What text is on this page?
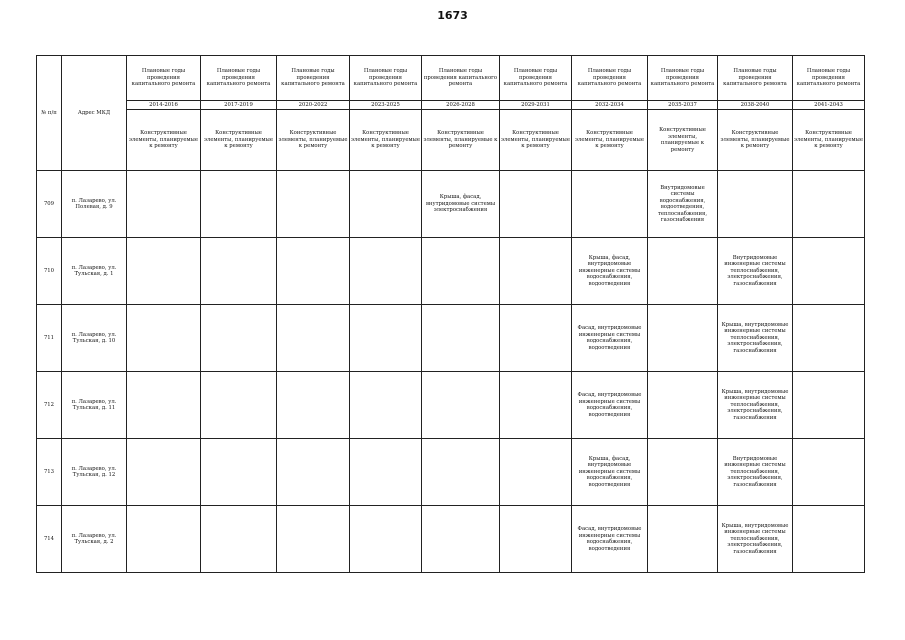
1673
№ п/п	Адрес МКД	Плановые годы проведения капитального ремонта	Плановые годы проведения капитального ремонта	Плановые годы проведения капитального ремонта	Плановые годы проведения капитального ремонта	Плановые годы проведения капитального ремонта	Плановые годы проведения капитального ремонта	Плановые годы проведения капитального ремонта	Плановые годы проведения капитального ремонта	Плановые годы проведения капитального ремонта	Плановые годы проведения капитального ремонта
		2014-2016	2017-2019	2020-2022	2023-2025	2026-2028	2029-2031	2032-2034	2035-2037	2038-2040	2041-2043
		Конструктивные элементы, планируемые к ремонту	Конструктивные элементы, планируемые к ремонту	Конструктивные элементы, планируемые к ремонту	Конструктивные элементы, планируемые к ремонту	Конструктивные элементы, планируемые к ремонту	Конструктивные элементы, планируемые к ремонту	Конструктивные элементы, планируемые к ремонту	Конструктивные элементы, планируемые к ремонту	Конструктивные элементы, планируемые к ремонту	Конструктивные элементы, планируемые к ремонту
709	п. Лазарево, ул. Полевая, д. 9					Крыша, фасад, внутридомовые системы электроснабжения			Внутридомовые системы водоснабжения, водоотведения, теплоснабжения, газоснабжения		
710	п. Лазарево, ул. Тульская, д. 1							Крыша, фасад, внутридомовые инженерные системы водоснабжения, водоотведения		Внутридомовые инженерные системы теплоснабжения, электроснабжения, газоснабжения	
711	п. Лазарево, ул. Тульская, д. 10							Фасад, внутридомовые инженерные системы водоснабжения, водоотведения		Крыша, внутридомовые инженерные системы теплоснабжения, электроснабжения, газоснабжения	
712	п. Лазарево, ул. Тульская, д. 11							Фасад, внутридомовые инженерные системы водоснабжения, водоотведения		Крыша, внутридомовые инженерные системы теплоснабжения, электроснабжения, газоснабжения	
713	п. Лазарево, ул. Тульская, д. 12							Крыша, фасад, внутридомовые инженерные системы водоснабжения, водоотведения		Внутридомовые инженерные системы теплоснабжения, электроснабжения, газоснабжения	
714	п. Лазарево, ул. Тульская, д. 2							Фасад, внутридомовые инженерные системы водоснабжения, водоотведения		Крыша, внутридомовые инженерные системы теплоснабжения, электроснабжения, газоснабжения	
